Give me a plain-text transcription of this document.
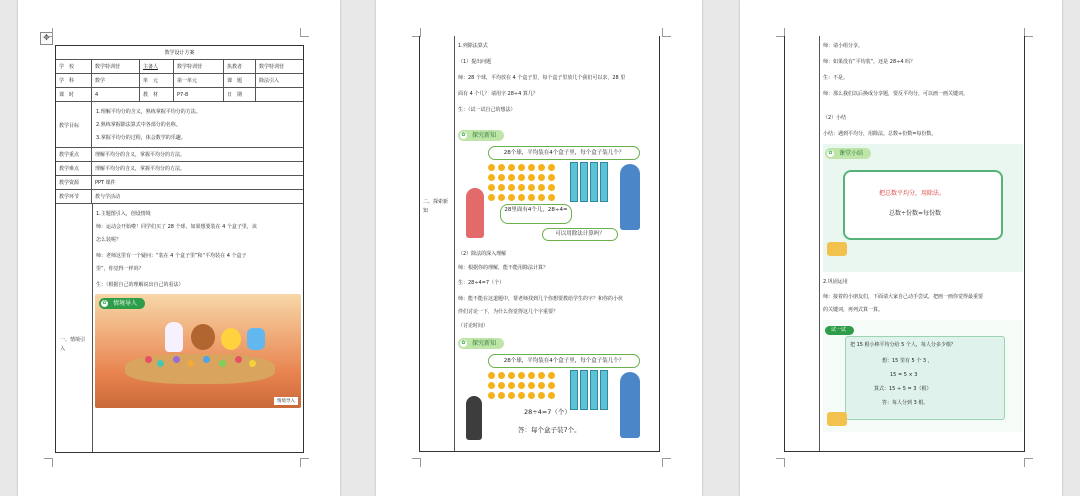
✥
教学设计方案
学　校	数学特训营	主备人	数学特训营	执教者	数学特训营
学　科	数学	单　元	第一单元	课　题	除法引入
课　时	4	教　材	P7-8	日　期
教学目标
1.理解平均分的含义，熟练掌握平均分的方法。
2.熟练掌握除法算式中各部分的名称。
3.掌握平均分的过程，体会数学的乐趣。
教学重点	理解平均分的含义，掌握平均分的方法。
教学难点	理解平均分的含义，掌握平均分的方法。
教学资源	PPT 课件
教学环节	教与学活动
一、情境引入
1.主题图引入，创设情境
师：运动会开始啦！同学们买了 28 个球，如果想要装在 4 个盒子里，该
怎么装呢？
师：老师这里有一个疑问：“装在 4 个盒子里”和“平均装在 4 个盒子
里”，你觉得一样吗？
生：（根据自己的理解说出自己的看法）
✿ 情境导入
情境导入
二、探索新知
1.列除法算式
（1）提出问题
师：28 个球，平均放在 4 个盒子里，每个盒子里放几个我们可以求，28 里
面有 4 个几？ 请用字 28÷4 算几？
生：（试一试自己的想法）
✿ 探究新知
28个球，平均装在4个盒子里，每个盒子装几个？
28里面有4个几，28÷4=
可以用除法计算吗？
（2）除法的深入理解
师：根据你的理解，能不能用除法计算？
生：28÷4=7（个）
师：能不能在这道题中，帮老师找到几个你想要教给学生的字？和你的小伙
伴们讨论一下，为什么你觉得这几个字重要？
（讨论时间）
✿ 探究新知
28个球，平均装在4个盒子里，每个盒子装几个？
28÷4=7（个）
答：每个盒子装7个。
师：请小组分享。
师：如果没有“平均装”，还是 28÷4 吗？
生：不是。
师：那么我们以后换成分享题，要反平均分，可以画一画关键词。
（2）小结
小结：遇到平均分，用除法。总数÷份数=每份数。
✿ 课堂小结
把总数平均分，用除法。
总数÷份数=每份数
2.巩固运用
师：接着的小朋友们，下面请大家自己动手尝试，把画一画你觉得最重要
的关键词，再列式算一算。
试一试
把 15 根小棒平均分给 5 个人，每人分多少根？
想：15 里有 5 个 3 ，
15 = 5 × 3
算式：15 ÷ 5 = 3（根）
答：每人分到 3 根。
